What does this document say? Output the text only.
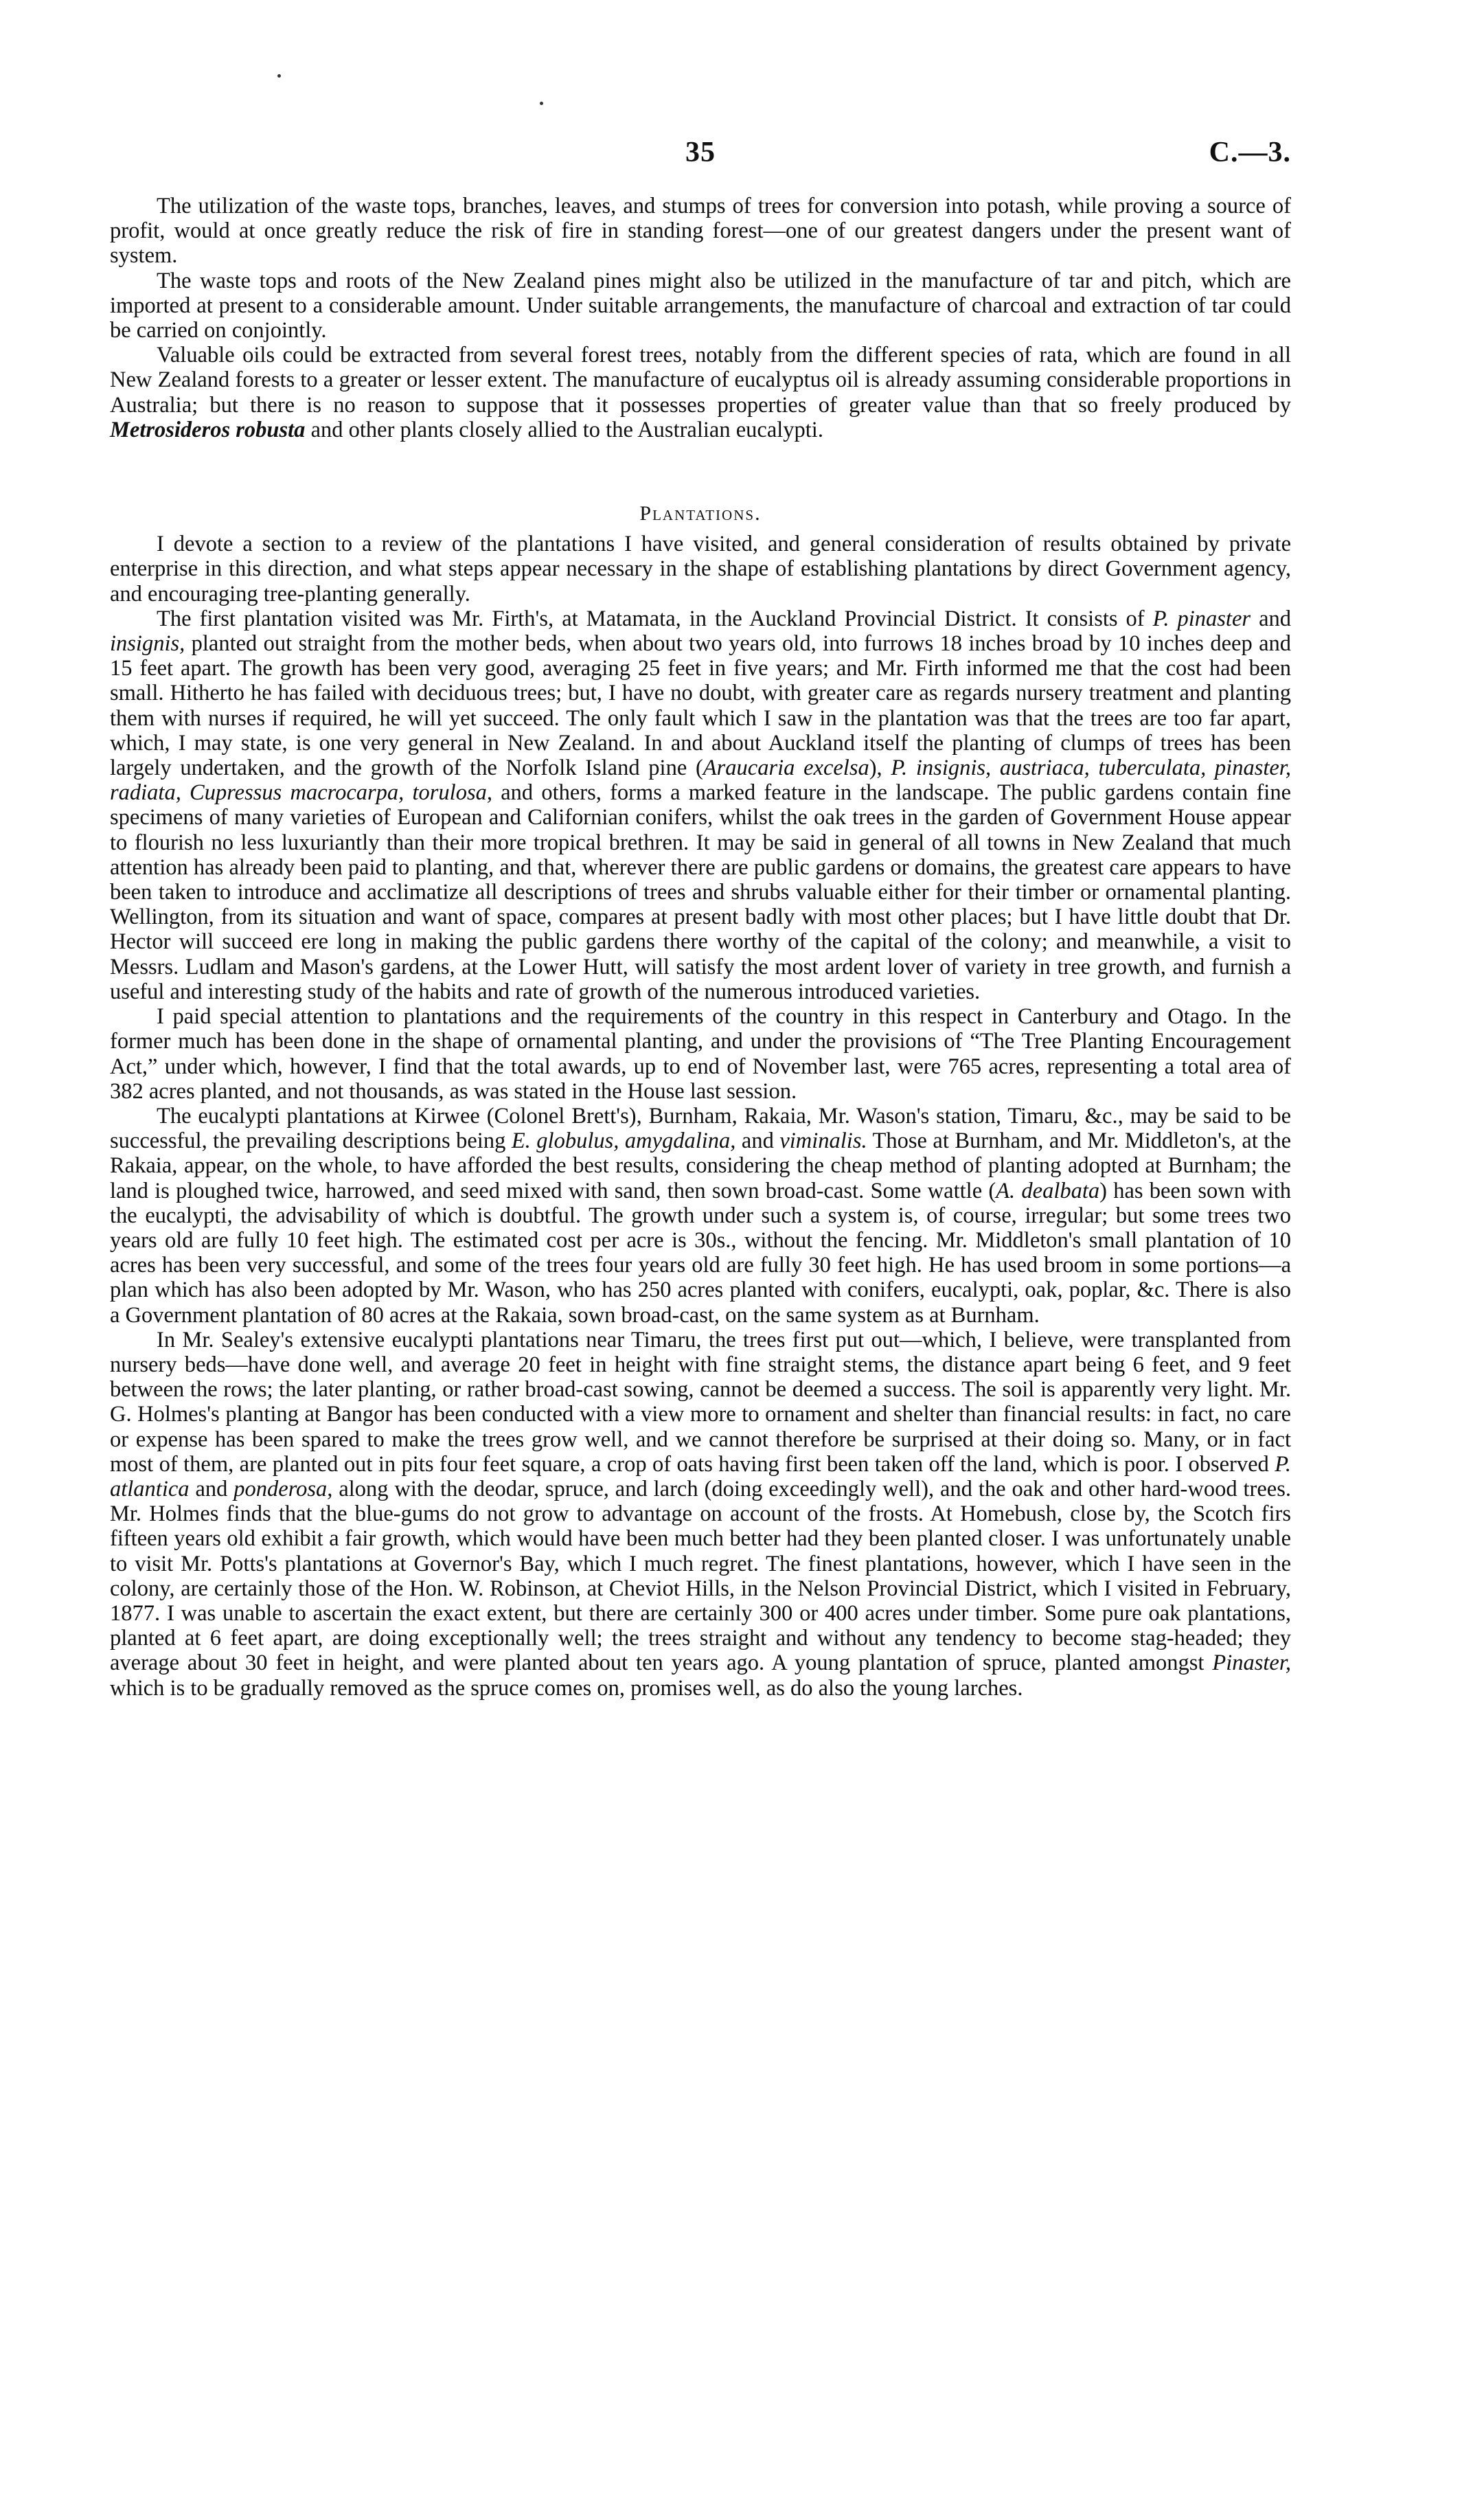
35	C.—3.

The utilization of the waste tops, branches, leaves, and stumps of trees for conversion into potash, while proving a source of profit, would at once greatly reduce the risk of fire in standing forest—one of our greatest dangers under the present want of system.

The waste tops and roots of the New Zealand pines might also be utilized in the manufacture of tar and pitch, which are imported at present to a considerable amount. Under suitable arrangements, the manufacture of charcoal and extraction of tar could be carried on conjointly.

Valuable oils could be extracted from several forest trees, notably from the different species of rata, which are found in all New Zealand forests to a greater or lesser extent. The manufacture of eucalyptus oil is already assuming considerable proportions in Australia; but there is no reason to suppose that it possesses properties of greater value than that so freely produced by Metrosideros robusta and other plants closely allied to the Australian eucalypti.

Plantations.

I devote a section to a review of the plantations I have visited, and general consideration of results obtained by private enterprise in this direction, and what steps appear necessary in the shape of establishing plantations by direct Government agency, and encouraging tree-planting generally.

The first plantation visited was Mr. Firth's, at Matamata, in the Auckland Provincial District. It consists of P. pinaster and insignis, planted out straight from the mother beds, when about two years old, into furrows 18 inches broad by 10 inches deep and 15 feet apart. The growth has been very good, averaging 25 feet in five years; and Mr. Firth informed me that the cost had been small. Hitherto he has failed with deciduous trees; but, I have no doubt, with greater care as regards nursery treatment and planting them with nurses if required, he will yet succeed. The only fault which I saw in the plantation was that the trees are too far apart, which, I may state, is one very general in New Zealand. In and about Auckland itself the planting of clumps of trees has been largely undertaken, and the growth of the Norfolk Island pine (Araucaria excelsa), P. insignis, austriaca, tuberculata, pinaster, radiata, Cupressus macrocarpa, torulosa, and others, forms a marked feature in the landscape. The public gardens contain fine specimens of many varieties of European and Californian conifers, whilst the oak trees in the garden of Government House appear to flourish no less luxuriantly than their more tropical brethren. It may be said in general of all towns in New Zealand that much attention has already been paid to planting, and that, wherever there are public gardens or domains, the greatest care appears to have been taken to introduce and acclimatize all descriptions of trees and shrubs valuable either for their timber or ornamental planting. Wellington, from its situation and want of space, compares at present badly with most other places; but I have little doubt that Dr. Hector will succeed ere long in making the public gardens there worthy of the capital of the colony; and meanwhile, a visit to Messrs. Ludlam and Mason's gardens, at the Lower Hutt, will satisfy the most ardent lover of variety in tree growth, and furnish a useful and interesting study of the habits and rate of growth of the numerous introduced varieties.

I paid special attention to plantations and the requirements of the country in this respect in Canterbury and Otago. In the former much has been done in the shape of ornamental planting, and under the provisions of “The Tree Planting Encouragement Act,” under which, however, I find that the total awards, up to end of November last, were 765 acres, representing a total area of 382 acres planted, and not thousands, as was stated in the House last session.

The eucalypti plantations at Kirwee (Colonel Brett's), Burnham, Rakaia, Mr. Wason's station, Timaru, &c., may be said to be successful, the prevailing descriptions being E. globulus, amygdalina, and viminalis. Those at Burnham, and Mr. Middleton's, at the Rakaia, appear, on the whole, to have afforded the best results, considering the cheap method of planting adopted at Burnham; the land is ploughed twice, harrowed, and seed mixed with sand, then sown broad-cast. Some wattle (A. dealbata) has been sown with the eucalypti, the advisability of which is doubtful. The growth under such a system is, of course, irregular; but some trees two years old are fully 10 feet high. The estimated cost per acre is 30s., without the fencing. Mr. Middleton's small plantation of 10 acres has been very successful, and some of the trees four years old are fully 30 feet high. He has used broom in some portions—a plan which has also been adopted by Mr. Wason, who has 250 acres planted with conifers, eucalypti, oak, poplar, &c. There is also a Government plantation of 80 acres at the Rakaia, sown broad-cast, on the same system as at Burnham.

In Mr. Sealey's extensive eucalypti plantations near Timaru, the trees first put out—which, I believe, were transplanted from nursery beds—have done well, and average 20 feet in height with fine straight stems, the distance apart being 6 feet, and 9 feet between the rows; the later planting, or rather broad-cast sowing, cannot be deemed a success. The soil is apparently very light. Mr. G. Holmes's planting at Bangor has been conducted with a view more to ornament and shelter than financial results: in fact, no care or expense has been spared to make the trees grow well, and we cannot therefore be surprised at their doing so. Many, or in fact most of them, are planted out in pits four feet square, a crop of oats having first been taken off the land, which is poor. I observed P. atlantica and ponderosa, along with the deodar, spruce, and larch (doing exceedingly well), and the oak and other hard-wood trees. Mr. Holmes finds that the blue-gums do not grow to advantage on account of the frosts. At Homebush, close by, the Scotch firs fifteen years old exhibit a fair growth, which would have been much better had they been planted closer. I was unfortunately unable to visit Mr. Potts's plantations at Governor's Bay, which I much regret. The finest plantations, however, which I have seen in the colony, are certainly those of the Hon. W. Robinson, at Cheviot Hills, in the Nelson Provincial District, which I visited in February, 1877. I was unable to ascertain the exact extent, but there are certainly 300 or 400 acres under timber. Some pure oak plantations, planted at 6 feet apart, are doing exceptionally well; the trees straight and without any tendency to become stag-headed; they average about 30 feet in height, and were planted about ten years ago. A young plantation of spruce, planted amongst Pinaster, which is to be gradually removed as the spruce comes on, promises well, as do also the young larches.
